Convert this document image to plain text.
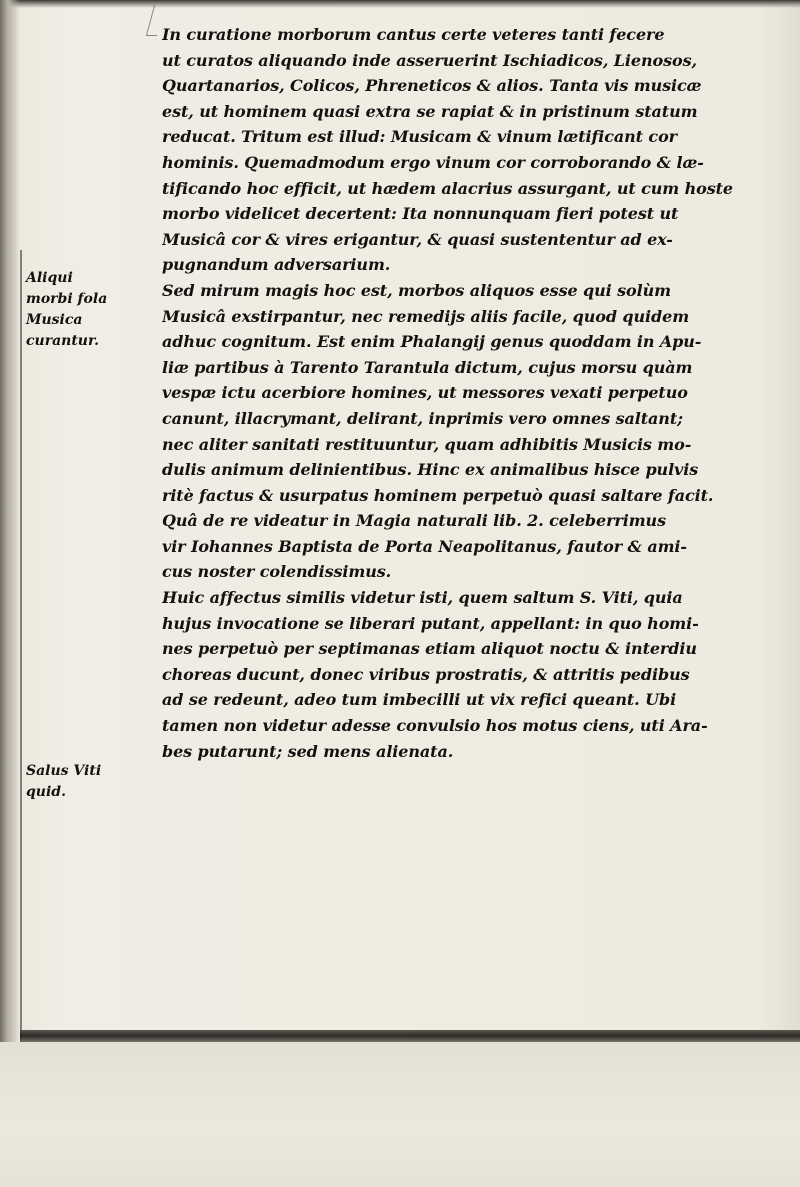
Aliqui
morbi fola
Musica
curantur.
Salus Viti
quid.
In curatione morborum cantus certe veteres tanti fecere
ut curatos aliquando inde asseruerint Ischiadicos, Lienosos,
Quartanarios, Colicos, Phreneticos & alios. Tanta vis musicæ
est, ut hominem quasi extra se rapiat & in pristinum statum
reducat. Tritum est illud: Musicam & vinum lætificant cor
hominis. Quemadmodum ergo vinum cor corroborando & læ-
tificando hoc efficit, ut hædem alacrius assurgant, ut cum hoste
morbo videlicet decertent: Ita nonnunquam fieri potest ut
Musicâ cor & vires erigantur, & quasi sustententur ad ex-
pugnandum adversarium.
Sed mirum magis hoc est, morbos aliquos esse qui solùm
Musicâ exstirpantur, nec remedijs aliis facile, quod quidem
adhuc cognitum. Est enim Phalangij genus quoddam in Apu-
liæ partibus à Tarento Tarantula dictum, cujus morsu quàm
vespæ ictu acerbiore homines, ut messores vexati perpetuo
canunt, illacrymant, delirant, inprimis vero omnes saltant;
nec aliter sanitati restituuntur, quam adhibitis Musicis mo-
dulis animum delinientibus. Hinc ex animalibus hisce pulvis
ritè factus & usurpatus hominem perpetuò quasi saltare facit.
Quâ de re videatur in Magia naturali lib. 2. celeberrimus
vir Iohannes Baptista de Porta Neapolitanus, fautor & ami-
cus noster colendissimus.
Huic affectus similis videtur isti, quem saltum S. Viti, quia
hujus invocatione se liberari putant, appellant: in quo homi-
nes perpetuò per septimanas etiam aliquot noctu & interdiu
choreas ducunt, donec viribus prostratis, & attritis pedibus
ad se redeunt, adeo tum imbecilli ut vix refici queant. Ubi
tamen non videtur adesse convulsio hos motus ciens, uti Ara-
bes putarunt; sed mens alienata.
